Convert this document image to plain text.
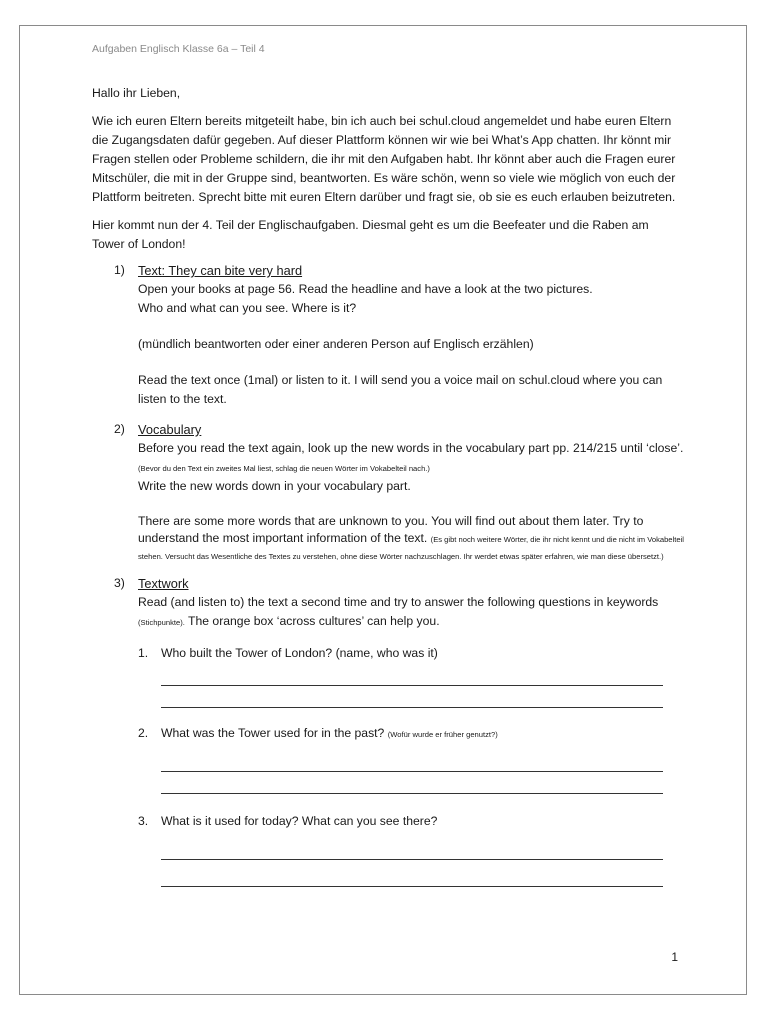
Aufgaben Englisch Klasse 6a – Teil 4

Hallo ihr Lieben,

Wie ich euren Eltern bereits mitgeteilt habe, bin ich auch bei schul.cloud angemeldet und habe euren Eltern die Zugangsdaten dafür gegeben. Auf dieser Plattform können wir wie bei What’s App chatten. Ihr könnt mir Fragen stellen oder Probleme schildern, die ihr mit den Aufgaben habt. Ihr könnt aber auch die Fragen eurer Mitschüler, die mit in der Gruppe sind, beantworten. Es wäre schön, wenn so viele wie möglich von euch der Plattform beitreten. Sprecht bitte mit euren Eltern darüber und fragt sie, ob sie es euch erlauben beizutreten.

Hier kommt nun der 4. Teil der Englischaufgaben. Diesmal geht es um die Beefeater und die Raben am Tower of London!

1) Text: They can bite very hard

Open your books at page 56. Read the headline and have a look at the two pictures.

Who and what can you see. Where is it?

(mündlich beantworten oder einer anderen Person auf Englisch erzählen)

Read the text once (1mal) or listen to it. I will send you a voice mail on schul.cloud where you can listen to the text.

2) Vocabulary

Before you read the text again, look up the new words in the vocabulary part pp. 214/215 until ‘close’. (Bevor du den Text ein zweites Mal liest, schlag die neuen Wörter im Vokabelteil nach.)

Write the new words down in your vocabulary part.

There are some more words that are unknown to you. You will find out about them later. Try to understand the most important information of the text. (Es gibt noch weitere Wörter, die ihr nicht kennt und die nicht im Vokabelteil stehen. Versucht das Wesentliche des Textes zu verstehen, ohne diese Wörter nachzuschlagen. Ihr werdet etwas später erfahren, wie man diese übersetzt.)

3) Textwork

Read (and listen to) the text a second time and try to answer the following questions in keywords (Stichpunkte). The orange box ‘across cultures’ can help you.

1. Who built the Tower of London? (name, who was it)

2. What was the Tower used for in the past? (Wofür wurde er früher genutzt?)

3. What is it used for today? What can you see there?

1
